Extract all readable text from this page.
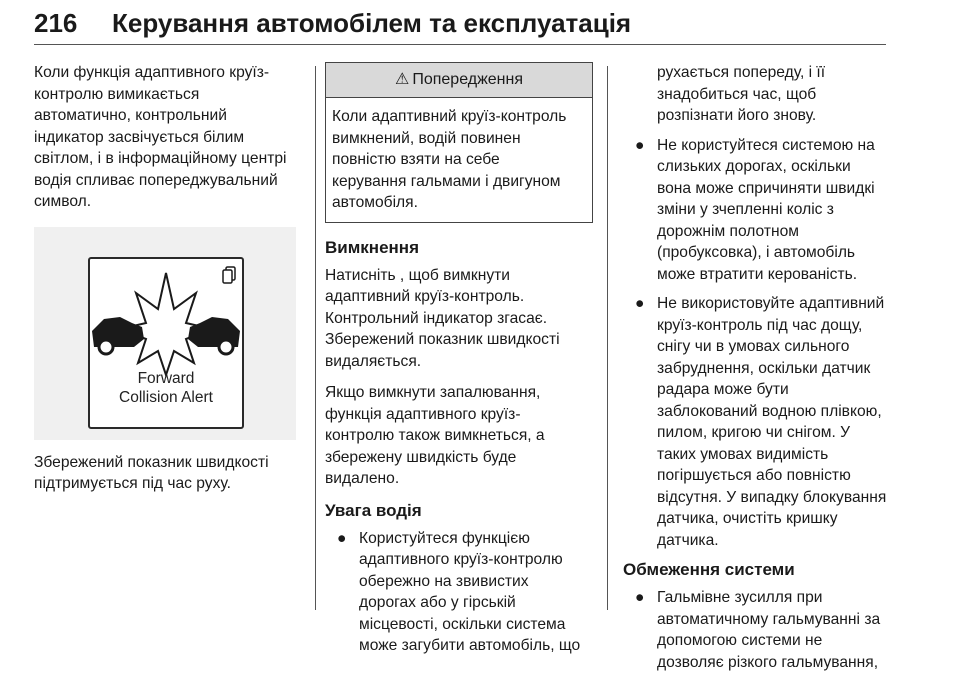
216 Керування автомобілем та експлуатація

Коли функція адаптивного круїз-
контролю вимикається
автоматично, контрольний
індикатор засвічується білим
світлом, і в інформаційному центрі
водія спливає попереджувальний
символ.

Forward
Collision Alert

Збережений показник швидкості
підтримується під час руху.

⚠ Попередження
Коли адаптивний круїз-контроль
вимкнений, водій повинен
повністю взяти на себе
керування гальмами і двигуном
автомобіля.
Вимкнення

Натисніть , щоб вимкнути
адаптивний круїз-контроль.
Контрольний індикатор згасає.
Збережений показник швидкості
видаляється.

Якщо вимкнути запалювання,
функція адаптивного круїз-
контролю також вимкнеться, а
збережену швидкість буде
видалено.

Увага водія
● Користуйтеся функцією
адаптивного круїз-контролю
обережно на звивистих
дорогах або у гірській
місцевості, оскільки система
може загубити автомобіль, що
рухається попереду, і її
знадобиться час, щоб
розпізнати його знову.
● Не користуйтеся системою на
слизьких дорогах, оскільки
вона може спричиняти швидкі
зміни у зчепленні коліс з
дорожнім полотном
(пробуксовка), і автомобіль
може втратити керованість.
● Не використовуйте адаптивний
круїз-контроль під час дощу,
снігу чи в умовах сильного
забруднення, оскільки датчик
радара може бути
заблокований водною плівкою,
пилом, кригою чи снігом. У
таких умовах видимість
погіршується або повністю
відсутня. У випадку блокування
датчика, очистіть кришку
датчика.
Обмеження системи
● Гальмівне зусилля при
автоматичному гальмуванні за
допомогою системи не
дозволяє різкого гальмування,
